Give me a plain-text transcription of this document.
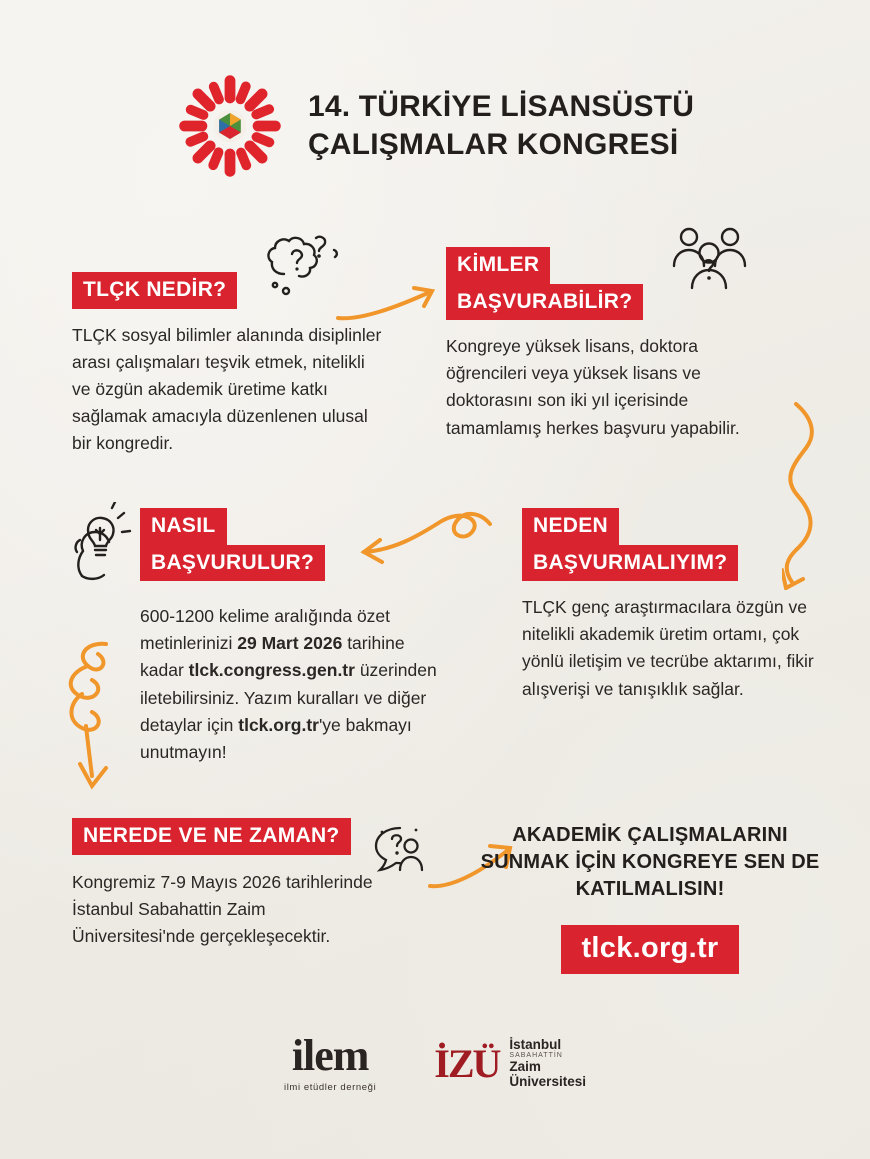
14. TÜRKİYE LİSANSÜSTÜ
ÇALIŞMALAR KONGRESİ
TLÇK NEDİR?
TLÇK sosyal bilimler alanında disiplinler arası çalışmaları teşvik etmek, nitelikli ve özgün akademik üretime katkı sağlamak amacıyla düzenlenen ulusal bir kongredir.
KİMLER
BAŞVURABİLİR?
Kongreye yüksek lisans, doktora öğrencileri veya yüksek lisans ve doktorasını son iki yıl içerisinde tamamlamış herkes başvuru yapabilir.
NASIL
BAŞVURULUR?
600-1200 kelime aralığında özet metinlerinizi 29 Mart 2026 tarihine kadar tlck.congress.gen.tr üzerinden iletebilirsiniz. Yazım kuralları ve diğer detaylar için tlck.org.tr'ye bakmayı unutmayın!
NEDEN
BAŞVURMALIYIM?
TLÇK genç araştırmacılara özgün ve nitelikli akademik üretim ortamı, çok yönlü iletişim ve tecrübe aktarımı, fikir alışverişi ve tanışıklık sağlar.
NEREDE VE NE ZAMAN?
Kongremiz 7-9 Mayıs 2026 tarihlerinde İstanbul Sabahattin Zaim Üniversitesi'nde gerçekleşecektir.
AKADEMİK ÇALIŞMALARINI
SUNMAK İÇİN KONGREYE SEN DE
KATILMALISIN!
tlck.org.tr
ilem
ilmi etüdler derneği
İZÜ İstanbul
SABAHATTİN
Zaim
Üniversitesi
